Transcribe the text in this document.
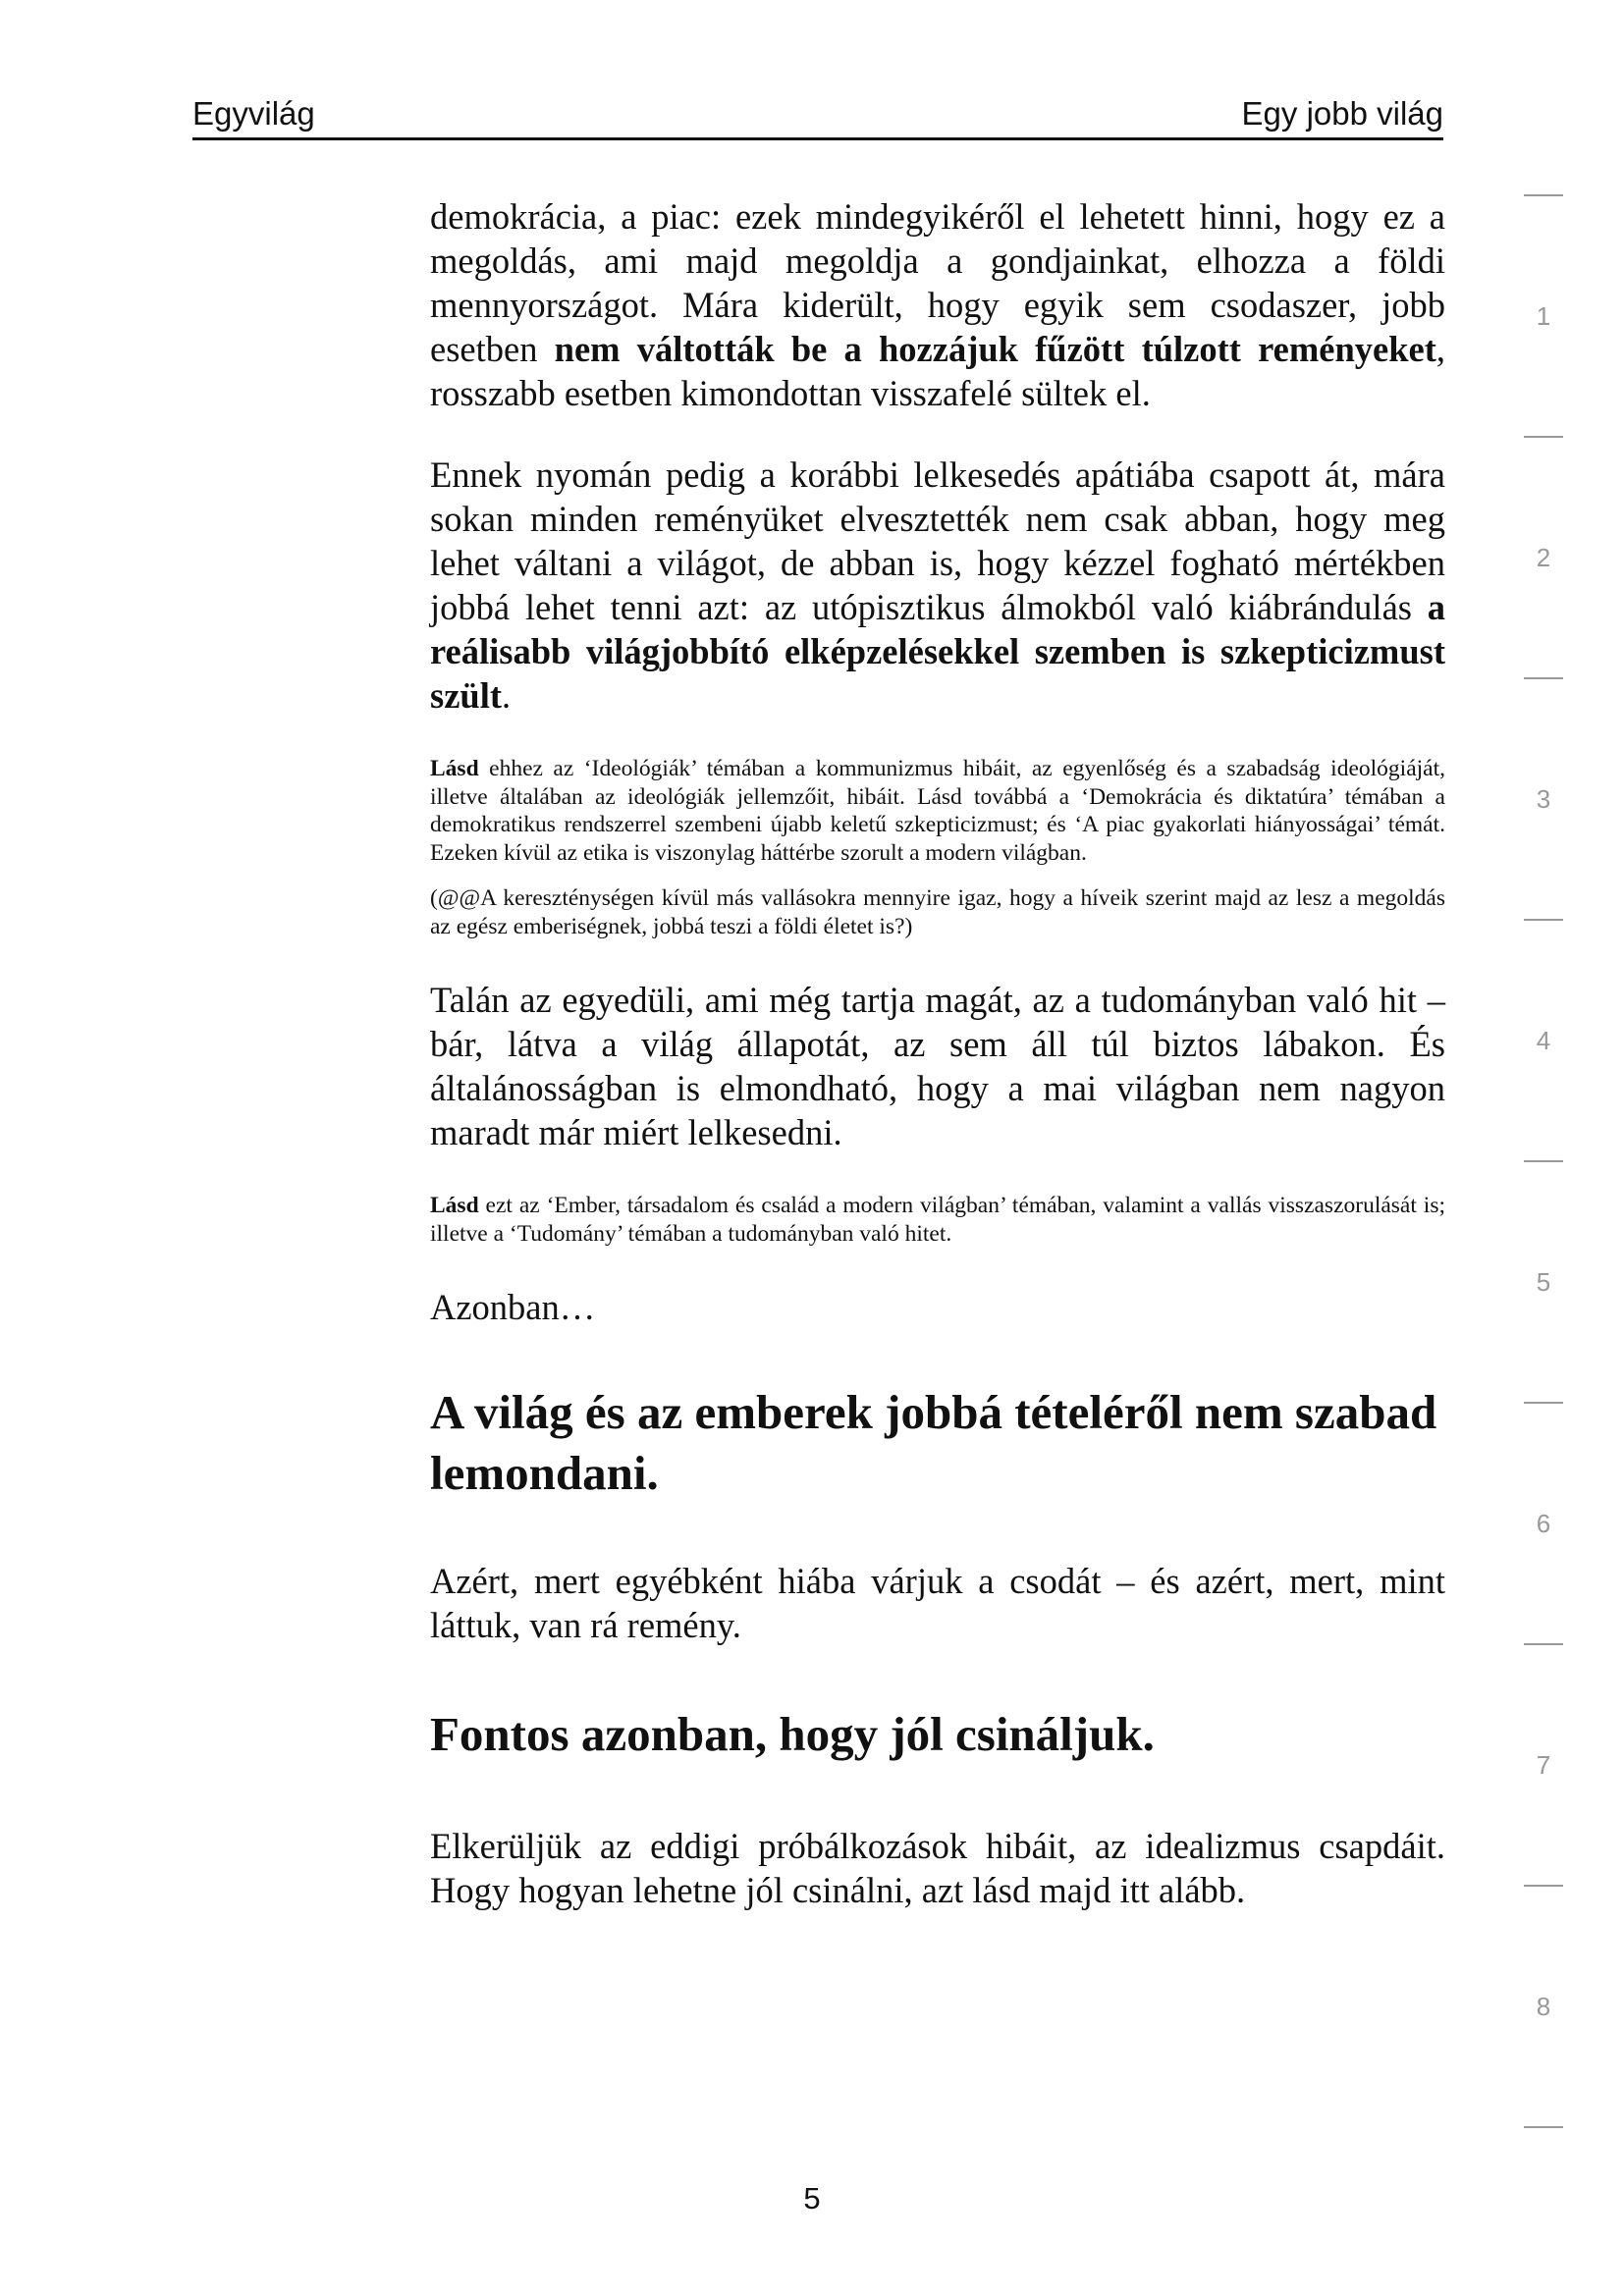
Egyvilág	Egy jobb világ

demokrácia, a piac: ezek mindegyikéről el lehetett hinni, hogy ez a megoldás, ami majd megoldja a gondjainkat, elhozza a földi mennyországot. Mára kiderült, hogy egyik sem csodaszer, jobb esetben nem váltották be a hozzájuk fűzött túlzott reményeket, rosszabb esetben kimondottan visszafelé sültek el.

Ennek nyomán pedig a korábbi lelkesedés apátiába csapott át, mára sokan minden reményüket elvesztették nem csak abban, hogy meg lehet váltani a világot, de abban is, hogy kézzel fogható mértékben jobbá lehet tenni azt: az utópisztikus álmokból való kiábrándulás a reálisabb világjobbító elképzelésekkel szemben is szkepticizmust szült.

Lásd ehhez az ‘Ideológiák’ témában a kommunizmus hibáit, az egyenlőség és a szabadság ideológiáját, illetve általában az ideológiák jellemzőit, hibáit. Lásd továbbá a ‘Demokrácia és diktatúra’ témában a demokratikus rendszerrel szembeni újabb keletű szkepticizmust; és ‘A piac gyakorlati hiányosságai’ témát. Ezeken kívül az etika is viszonylag háttérbe szorult a modern világban.

(@@A kereszténységen kívül más vallásokra mennyire igaz, hogy a híveik szerint majd az lesz a megoldás az egész emberiségnek, jobbá teszi a földi életet is?)

Talán az egyedüli, ami még tartja magát, az a tudományban való hit – bár, látva a világ állapotát, az sem áll túl biztos lábakon. És általánosságban is elmondható, hogy a mai világban nem nagyon maradt már miért lelkesedni.

Lásd ezt az ‘Ember, társadalom és család a modern világban’ témában, valamint a vallás visszaszorulását is; illetve a ‘Tudomány’ témában a tudományban való hitet.

Azonban…

A világ és az emberek jobbá tételéről nem szabad lemondani.

Azért, mert egyébként hiába várjuk a csodát – és azért, mert, mint láttuk, van rá remény.

Fontos azonban, hogy jól csináljuk.

Elkerüljük az eddigi próbálkozások hibáit, az idealizmus csapdáit. Hogy hogyan lehetne jól csinálni, azt lásd majd itt alább.

1
2
3
4
5
6
7
8
5
